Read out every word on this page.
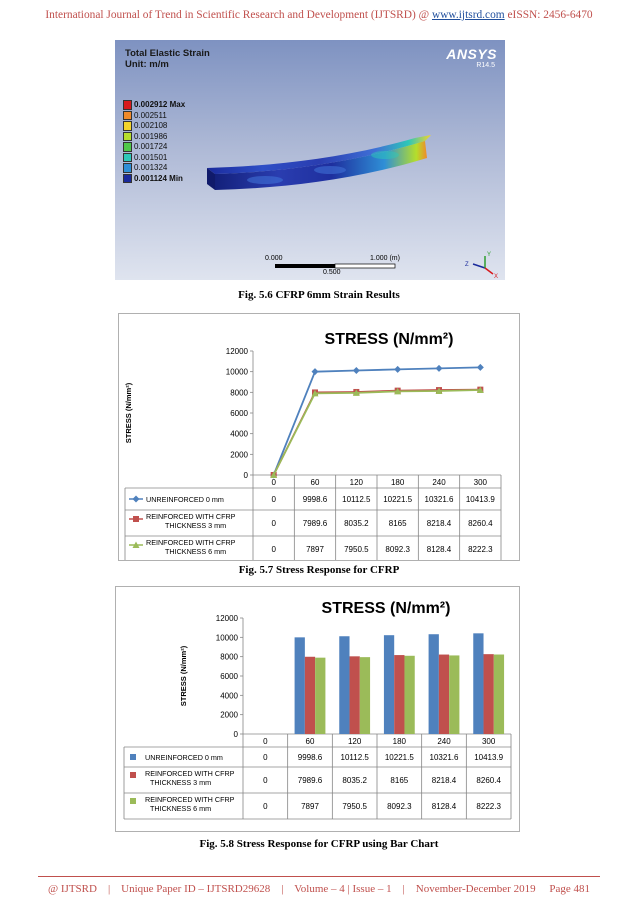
International Journal of Trend in Scientific Research and Development (IJTSRD) @ www.ijtsrd.com eISSN: 2456-6470
Total Elastic Strain
Unit: m/m
ANSYS
R14.5
0.002912 Max
0.002511
0.002108
0.001986
0.001724
0.001501
0.001324
0.001124 Min
Z
Y
X
0.000	1.000 (m)
0.500
Fig. 5.6 CFRP 6mm Strain Results
STRESS (N/mm²)
STRESS (N/mm²)
0
2000
4000
6000
8000
10000
12000
0	60	120	180	240	300
UNREINFORCED 0 mm	0	9998.6 10112.5 10221.5 10321.6 10413.9
REINFORCED WITH CFRP
THICKNESS 3 mm	0	7989.6 8035.2	8165	8218.4 8260.4
REINFORCED WITH CFRP
THICKNESS 6 mm	0	7897	7950.5 8092.3 8128.4 8222.3
Fig. 5.7 Stress Response for CFRP
STRESS (N/mm²)
STRESS (N/mm²)
0
2000
4000
6000
8000
10000
12000
0	60	120	180	240	300
UNREINFORCED 0 mm	0	9998.6 10112.5 10221.5 10321.6 10413.9
REINFORCED WITH CFRP
THICKNESS 3 mm	0	7989.6	8035.2	8165	8218.4	8260.4
REINFORCED WITH CFRP
THICKNESS 6 mm	0	7897	7950.5	8092.3	8128.4	8222.3
Fig. 5.8 Stress Response for CFRP using Bar Chart
@ IJTSRD    |    Unique Paper ID – IJTSRD29628    |    Volume – 4 | Issue – 1    |    November-December 2019     Page 481
